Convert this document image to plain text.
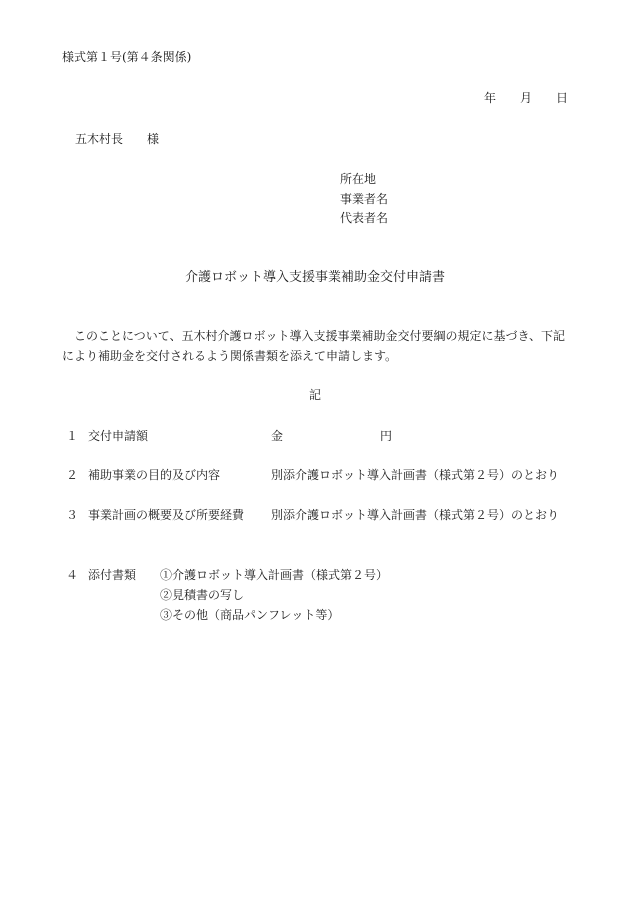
様式第１号(第４条関係)
年 月 日
五木村長 様
所在地
事業者名
代表者名
介護ロボット導入支援事業補助金交付申請書
このことについて、五木村介護ロボット導入支援事業補助金交付要綱の規定に基づき、下記により補助金を交付されるよう関係書類を添えて申請します。
記
１ 交付申請額	金	円
２ 補助事業の目的及び内容	別添介護ロボット導入計画書（様式第２号）のとおり
３ 事業計画の概要及び所要経費 別添介護ロボット導入計画書（様式第２号）のとおり
４ 添付書類 ①介護ロボット導入計画書（様式第２号）
②見積書の写し
③その他（商品パンフレット等）
